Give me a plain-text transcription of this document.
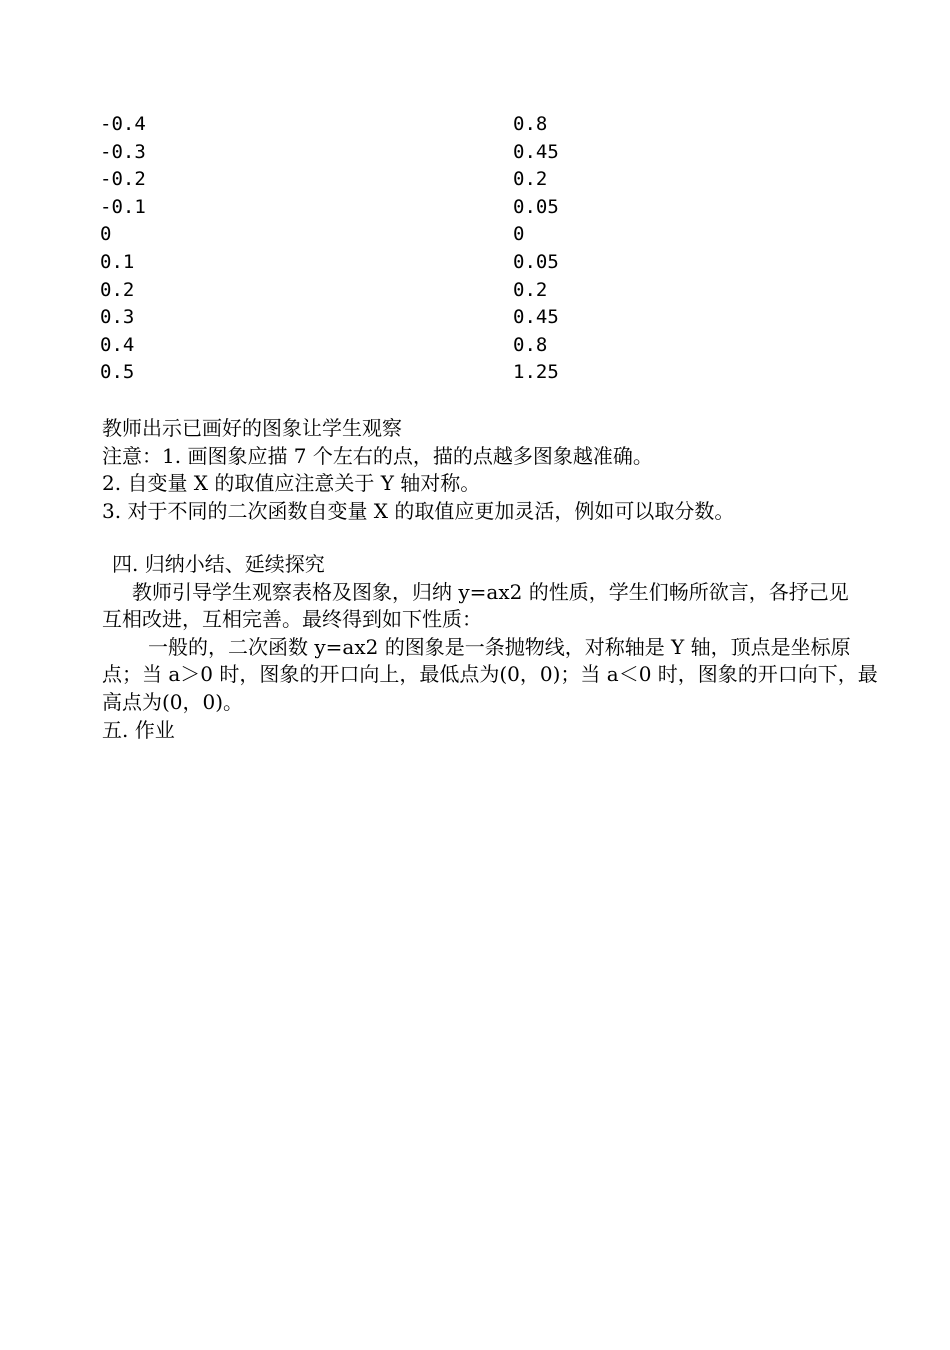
-0.4	0.8
-0.3	0.45
-0.2	0.2
-0.1	0.05
0	0
0.1	0.05
0.2	0.2
0.3	0.45
0.4	0.8
0.5	1.25
教师出示已画好的图象让学生观察
注意：1. 画图象应描 7 个左右的点，描的点越多图象越准确。
2. 自变量 X 的取值应注意关于 Y 轴对称。
3. 对于不同的二次函数自变量 X 的取值应更加灵活，例如可以取分数。
四. 归纳小结、延续探究
教师引导学生观察表格及图象，归纳 y=ax2 的性质，学生们畅所欲言，各抒己见
互相改进，互相完善。最终得到如下性质：
一般的，二次函数 y=ax2 的图象是一条抛物线，对称轴是 Y 轴，顶点是坐标原
点；当 a＞0 时，图象的开口向上，最低点为(0，0)；当 a＜0 时，图象的开口向下，最
高点为(0，0)。
五. 作业
